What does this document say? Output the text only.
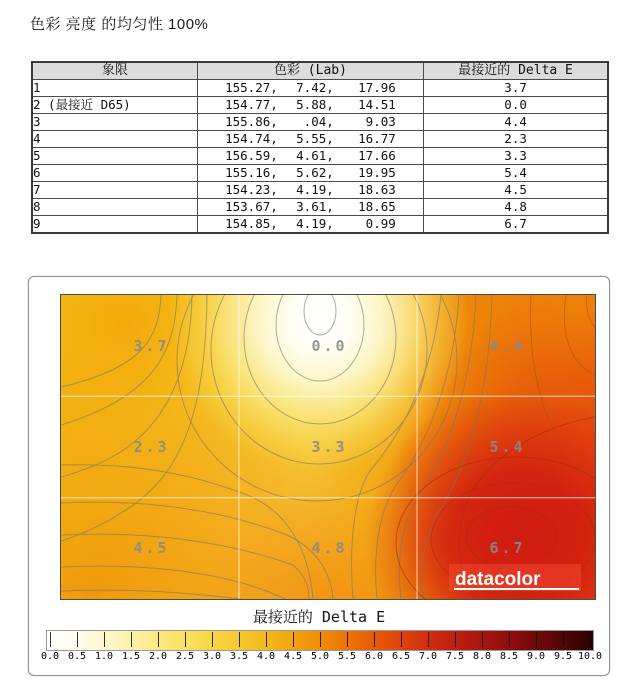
色彩 亮度 的均匀性 100%
象限	色彩 (Lab)	最接近的 Delta E
1	155.27, 7.42, 17.96	3.7
2 (最接近 D65)	154.77, 5.88, 14.51	0.0
3	155.86, .04, 9.03	4.4
4	154.74, 5.55, 16.77	2.3
5	156.59, 4.61, 17.66	3.3
6	155.16, 5.62, 19.95	5.4
7	154.23, 4.19, 18.63	4.5
8	153.67, 3.61, 18.65	4.8
9	154.85, 4.19, 0.99	6.7
datacolor
3.7	0.0	4.4
2.3	3.3	5.4
4.5	4.8	6.7
最接近的 Delta E
0.0 0.5 1.0 1.5 2.0 2.5 3.0 3.5 4.0 4.5 5.0 5.5 6.0 6.5 7.0 7.5 8.0 8.5 9.0 9.5 10.0
